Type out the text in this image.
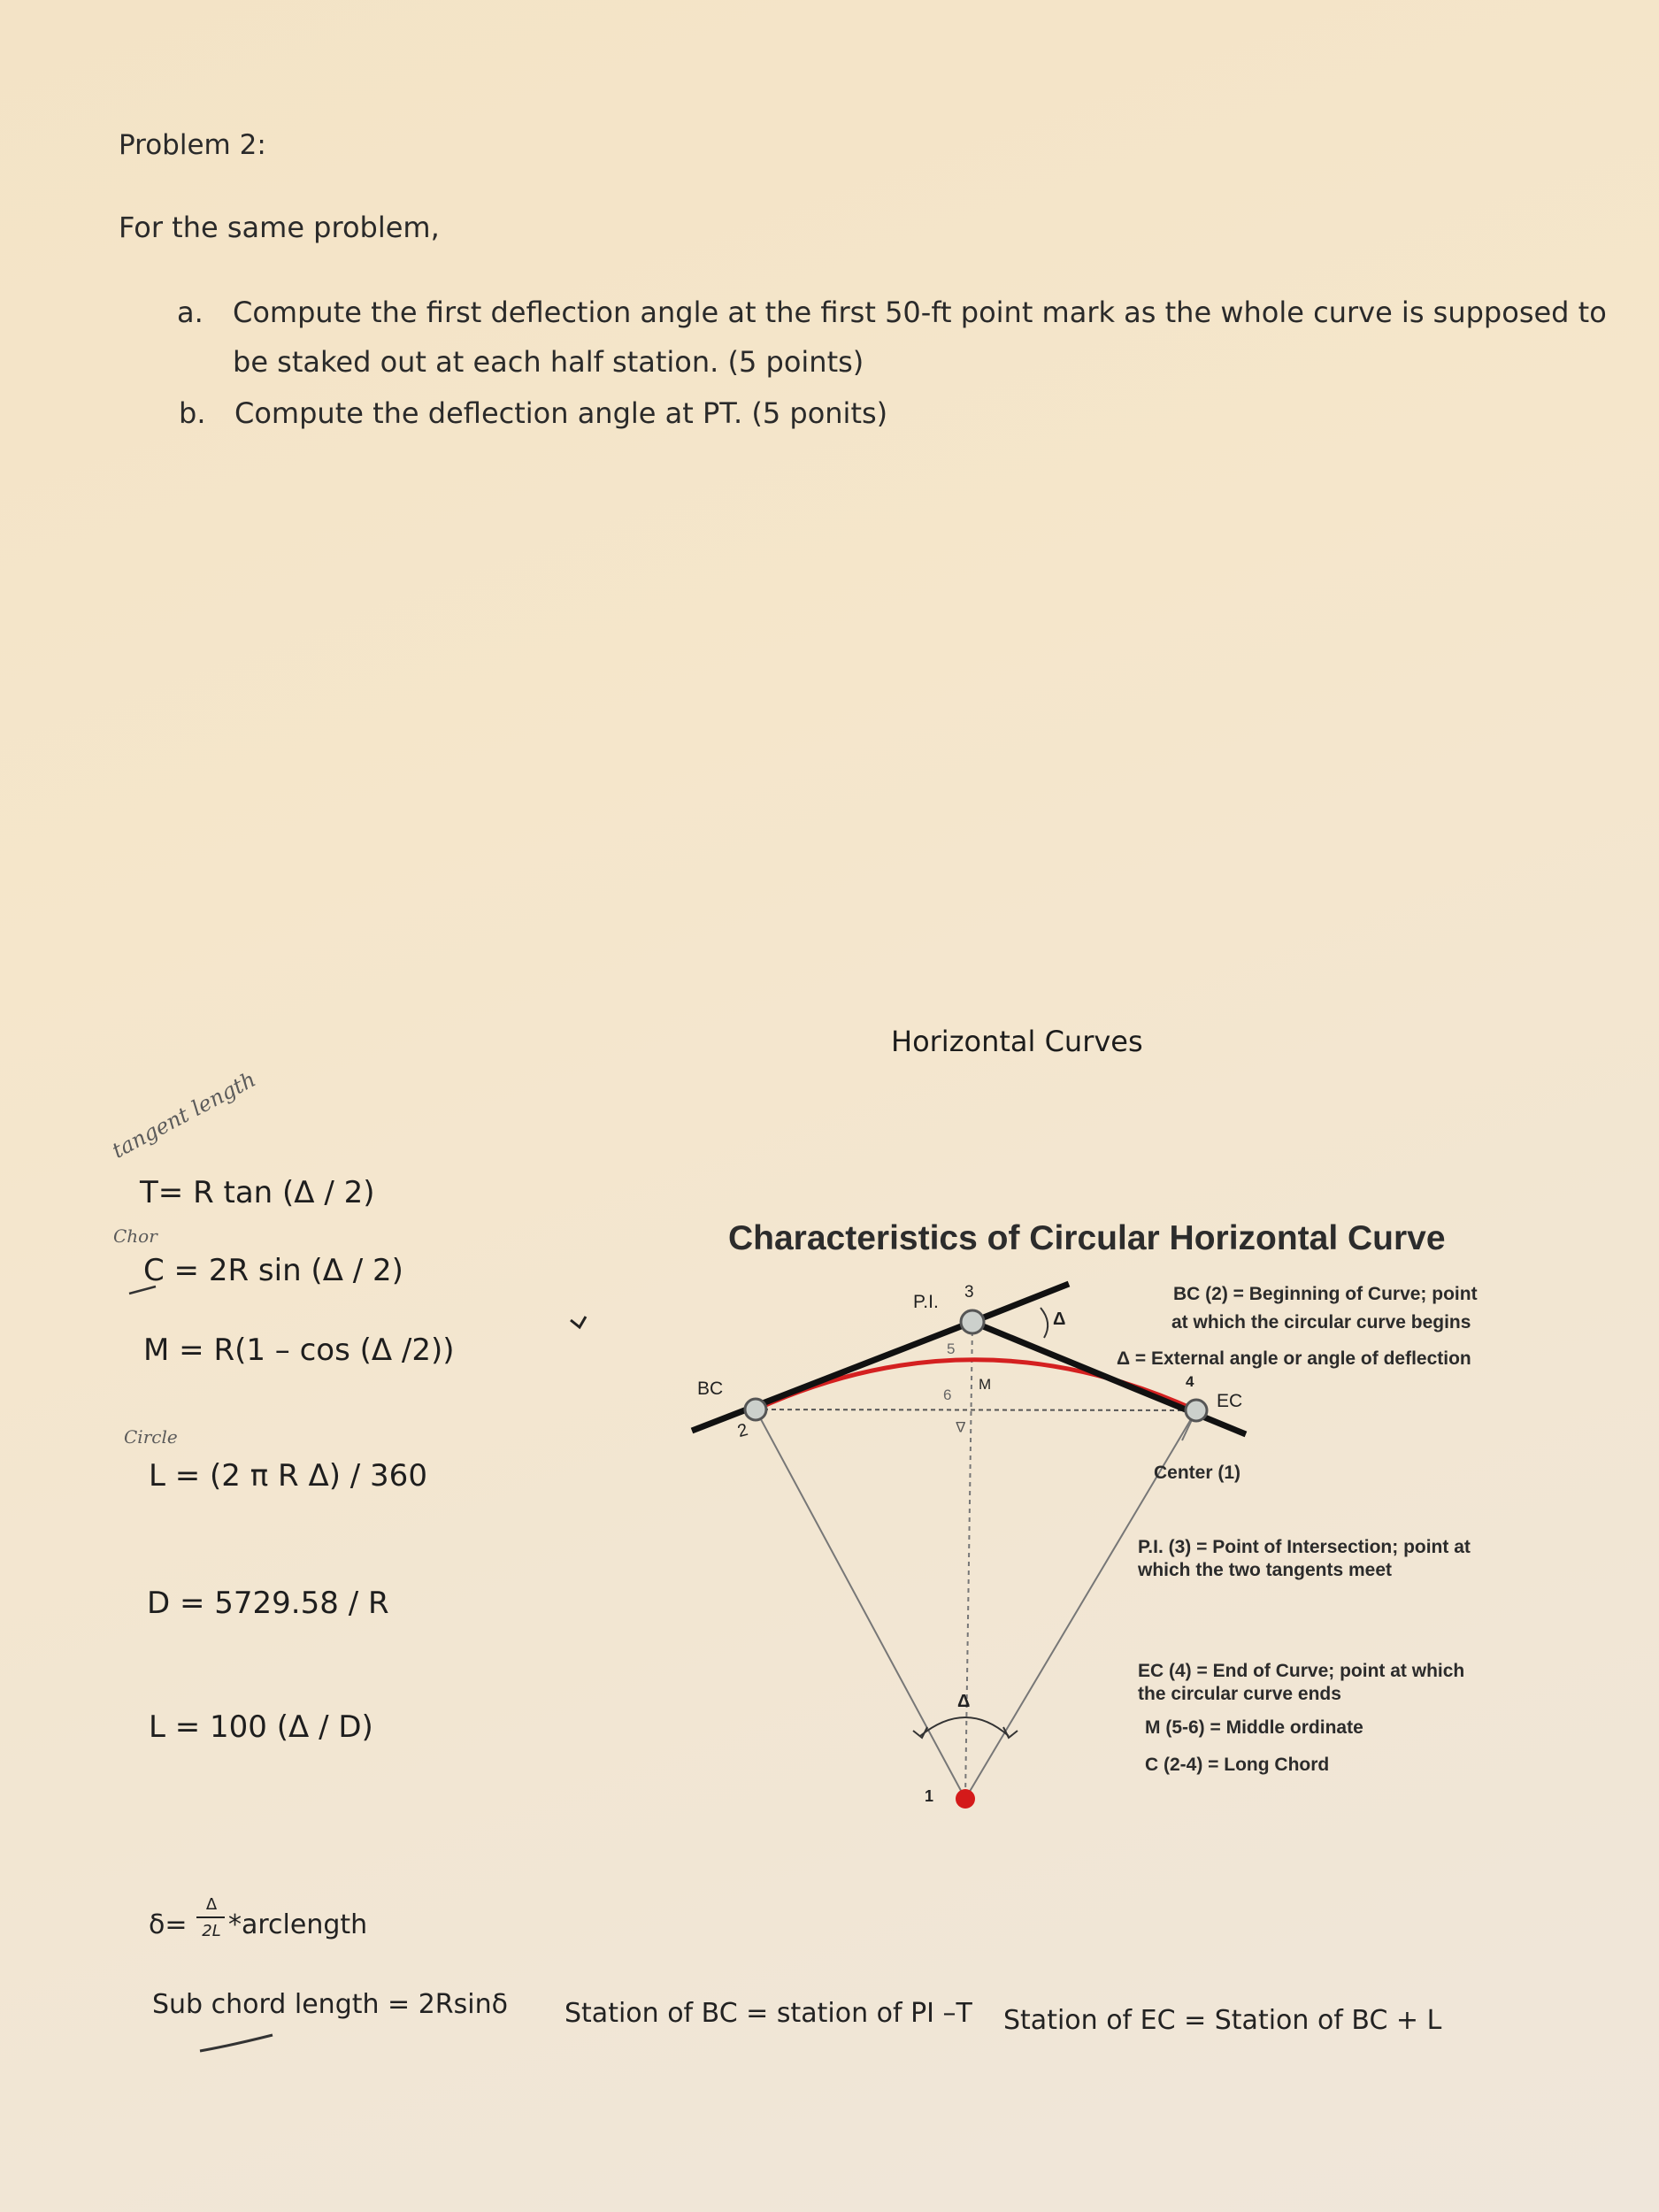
Problem 2:
For the same problem,
a. Compute the first deflection angle at the first 50-ft point mark as the whole curve is supposed to
be staked out at each half station. (5 points)
b. Compute the deflection angle at PT. (5 ponits)
Horizontal Curves
tangent length
Chor
Circle
T= R tan (Δ / 2)
C = 2R sin (Δ / 2)
M = R(1 – cos (Δ /2))
L = (2 π R Δ) / 360
D = 5729.58 / R
L = 100 (Δ / D)
δ=
Δ
2L *arclength
Sub chord length = 2Rsinδ Station of BC = station of PI –T Station of EC = Station of BC + L
Characteristics of Circular Horizontal Curve
P.I. 3
BC
2
EC
4
M
5
6
Δ
Δ
Δ
1
BC (2) = Beginning of Curve; point
at which the circular curve begins
Δ = External angle or angle of deflection
Center (1)
P.I. (3) = Point of Intersection; point at
which the two tangents meet
EC (4) = End of Curve; point at which
the circular curve ends
M (5-6) = Middle ordinate
C (2-4) = Long Chord
